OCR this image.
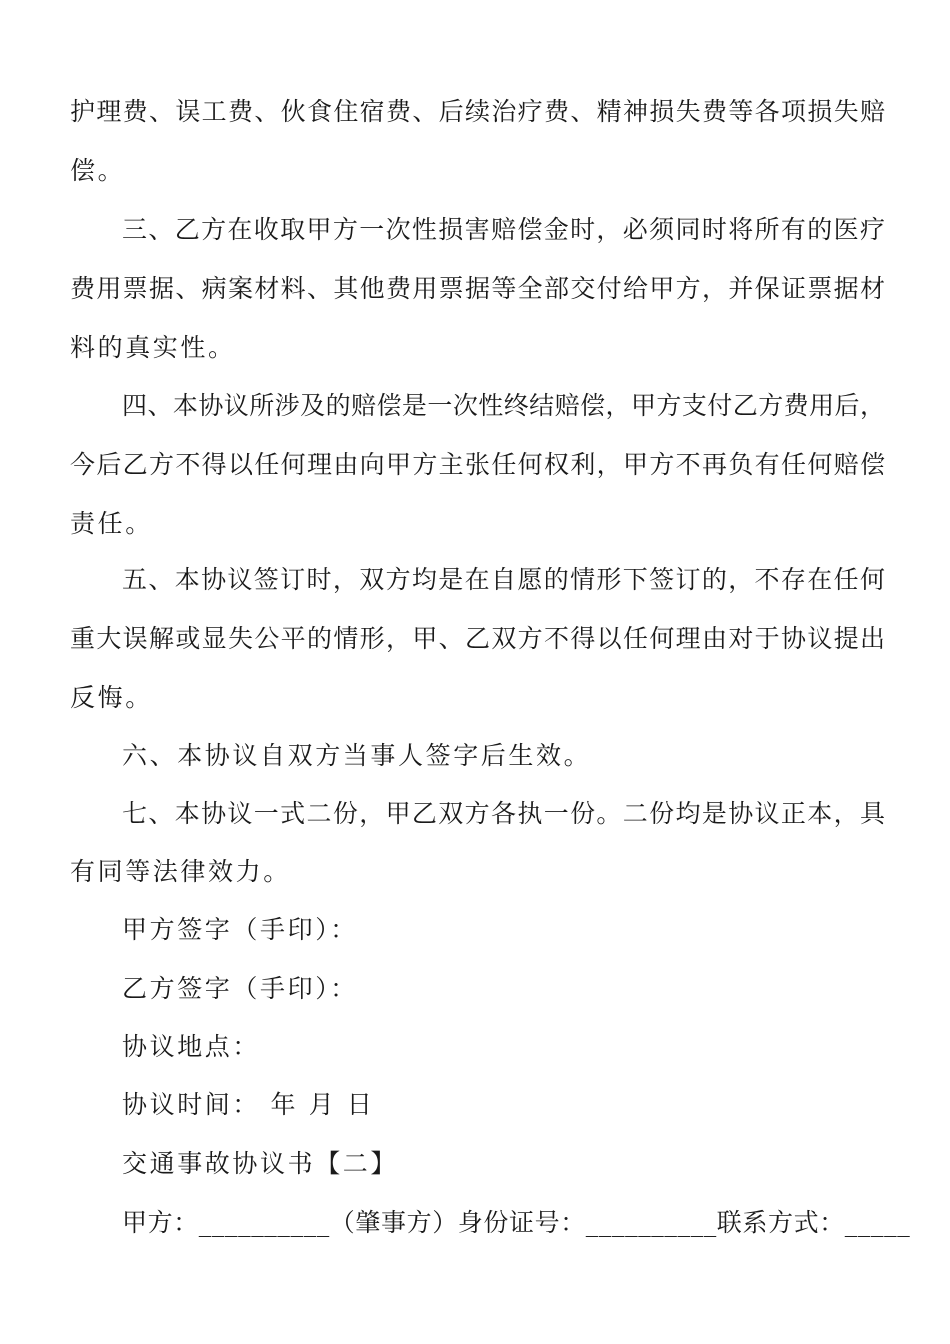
护理费、误工费、伙食住宿费、后续治疗费、精神损失费等各项损失赔
偿。
三、乙方在收取甲方一次性损害赔偿金时，必须同时将所有的医疗
费用票据、病案材料、其他费用票据等全部交付给甲方，并保证票据材
料的真实性。
四、本协议所涉及的赔偿是一次性终结赔偿，甲方支付乙方费用后，
今后乙方不得以任何理由向甲方主张任何权利，甲方不再负有任何赔偿
责任。
五、本协议签订时，双方均是在自愿的情形下签订的，不存在任何
重大误解或显失公平的情形，甲、乙双方不得以任何理由对于协议提出
反悔。
六、本协议自双方当事人签字后生效。
七、本协议一式二份，甲乙双方各执一份。二份均是协议正本，具
有同等法律效力。
甲方签字（手印）：
乙方签字（手印）：
协议地点：
协议时间： 年 月 日
交通事故协议书【二】
甲方：__________（肇事方）身份证号：__________联系方式：_____
